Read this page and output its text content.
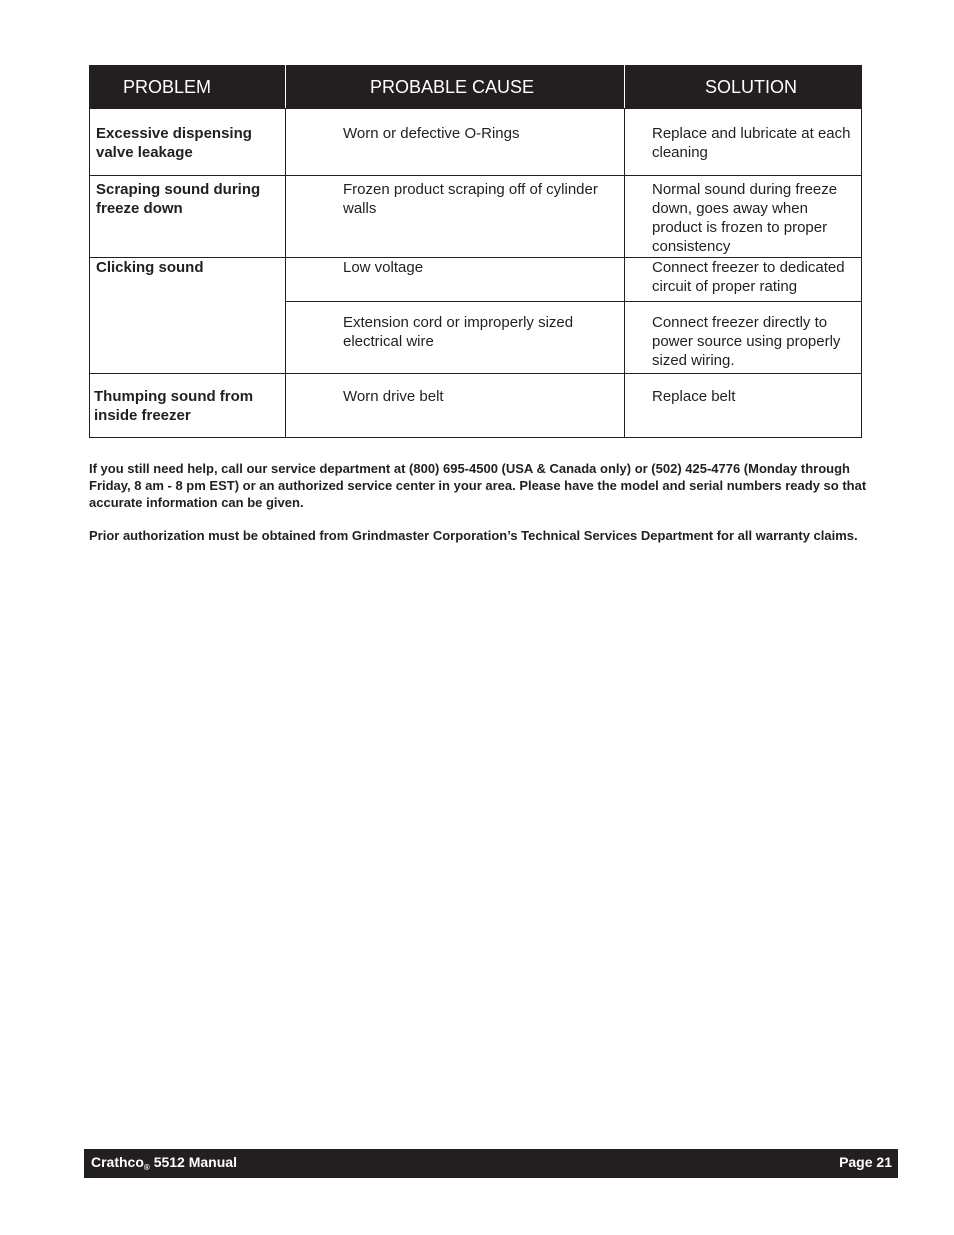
PROBLEM	PROBABLE CAUSE	SOLUTION
Excessive dispensing valve leakage	Worn or defective O-Rings	Replace and lubricate at each cleaning
Scraping sound during freeze down	Frozen product scraping off of cylinder walls	Normal sound during freeze down, goes away when product is frozen to proper consistency
Clicking sound	Low voltage	Connect freezer to dedicated circuit of proper rating
	Extension cord or improperly sized electrical wire	Connect freezer directly to power source using properly sized wiring.
Thumping sound from inside freezer	Worn drive belt	Replace belt

If you still need help, call our service department at (800) 695-4500 (USA & Canada only) or (502) 425-4776 (Monday through Friday, 8 am - 8 pm EST) or an authorized service center in your area. Please have the model and serial numbers ready so that accurate information can be given.

Prior authorization must be obtained from Grindmaster Corporation’s Technical Services Department for all warranty claims.

Crathco$_®$ 5512 Manual	Page 21
